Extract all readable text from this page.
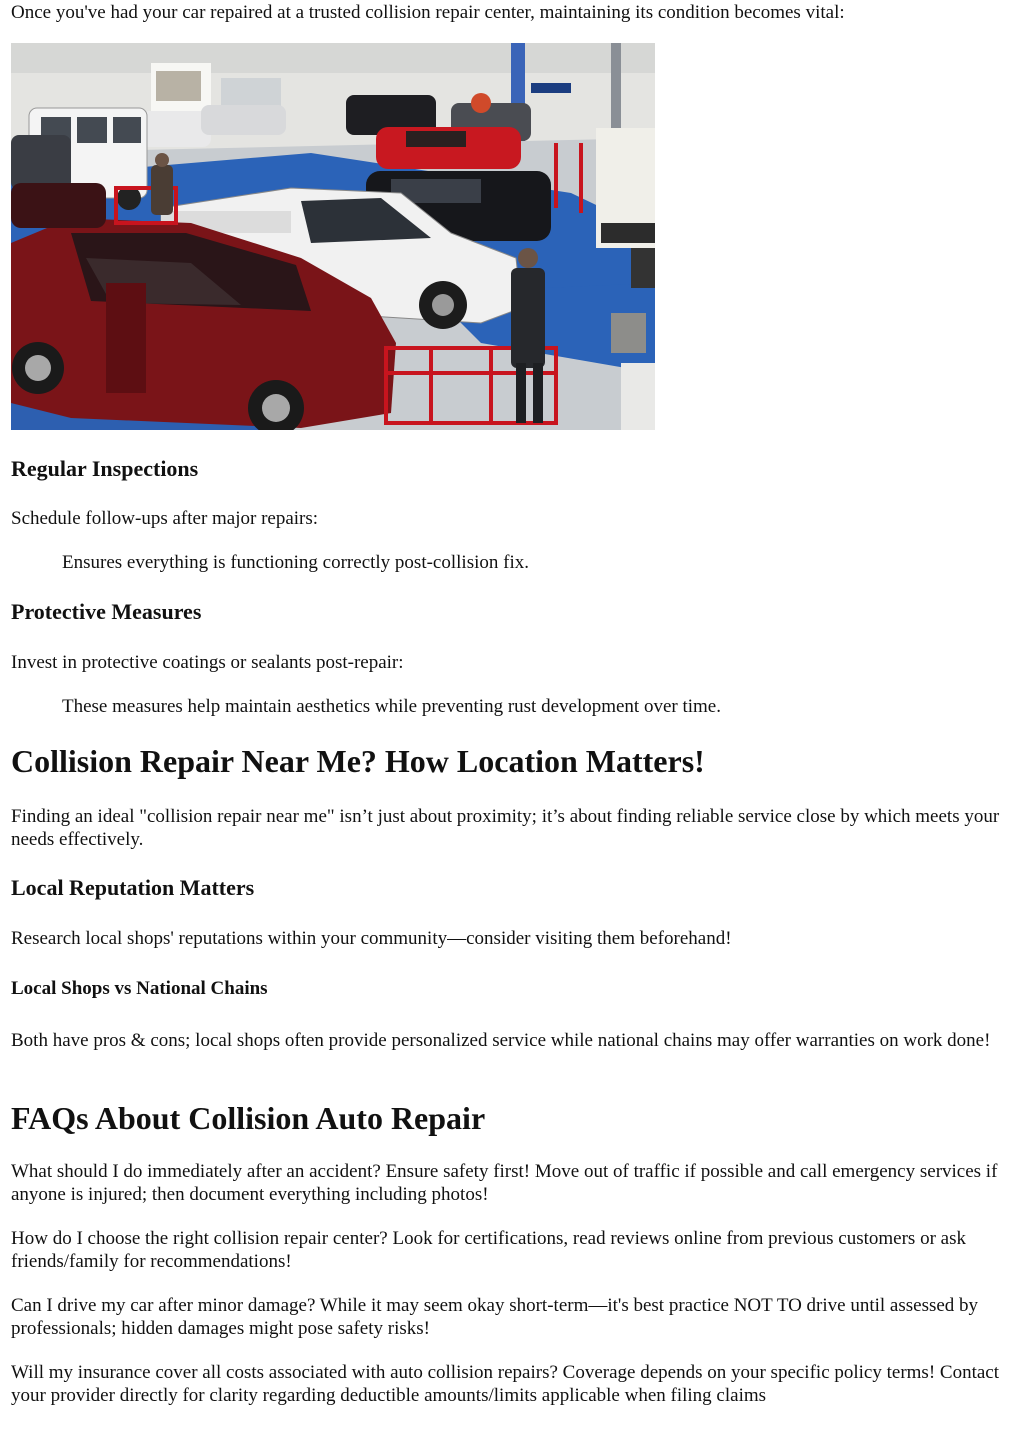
Once you've had your car repaired at a trusted collision repair center, maintaining its condition becomes vital:

Regular Inspections

Schedule follow-ups after major repairs:

Ensures everything is functioning correctly post-collision fix.

Protective Measures

Invest in protective coatings or sealants post-repair:

These measures help maintain aesthetics while preventing rust development over time.

Collision Repair Near Me? How Location Matters!

Finding an ideal "collision repair near me" isn’t just about proximity; it’s about finding reliable service close by which meets your needs effectively.

Local Reputation Matters

Research local shops' reputations within your community—consider visiting them beforehand!

Local Shops vs National Chains

Both have pros & cons; local shops often provide personalized service while national chains may offer warranties on work done!

FAQs About Collision Auto Repair

What should I do immediately after an accident? Ensure safety first! Move out of traffic if possible and call emergency services if anyone is injured; then document everything including photos!

How do I choose the right collision repair center? Look for certifications, read reviews online from previous customers or ask friends/family for recommendations!

Can I drive my car after minor damage? While it may seem okay short-term—it's best practice NOT TO drive until assessed by professionals; hidden damages might pose safety risks!

Will my insurance cover all costs associated with auto collision repairs? Coverage depends on your specific policy terms! Contact your provider directly for clarity regarding deductible amounts/limits applicable when filing claims
